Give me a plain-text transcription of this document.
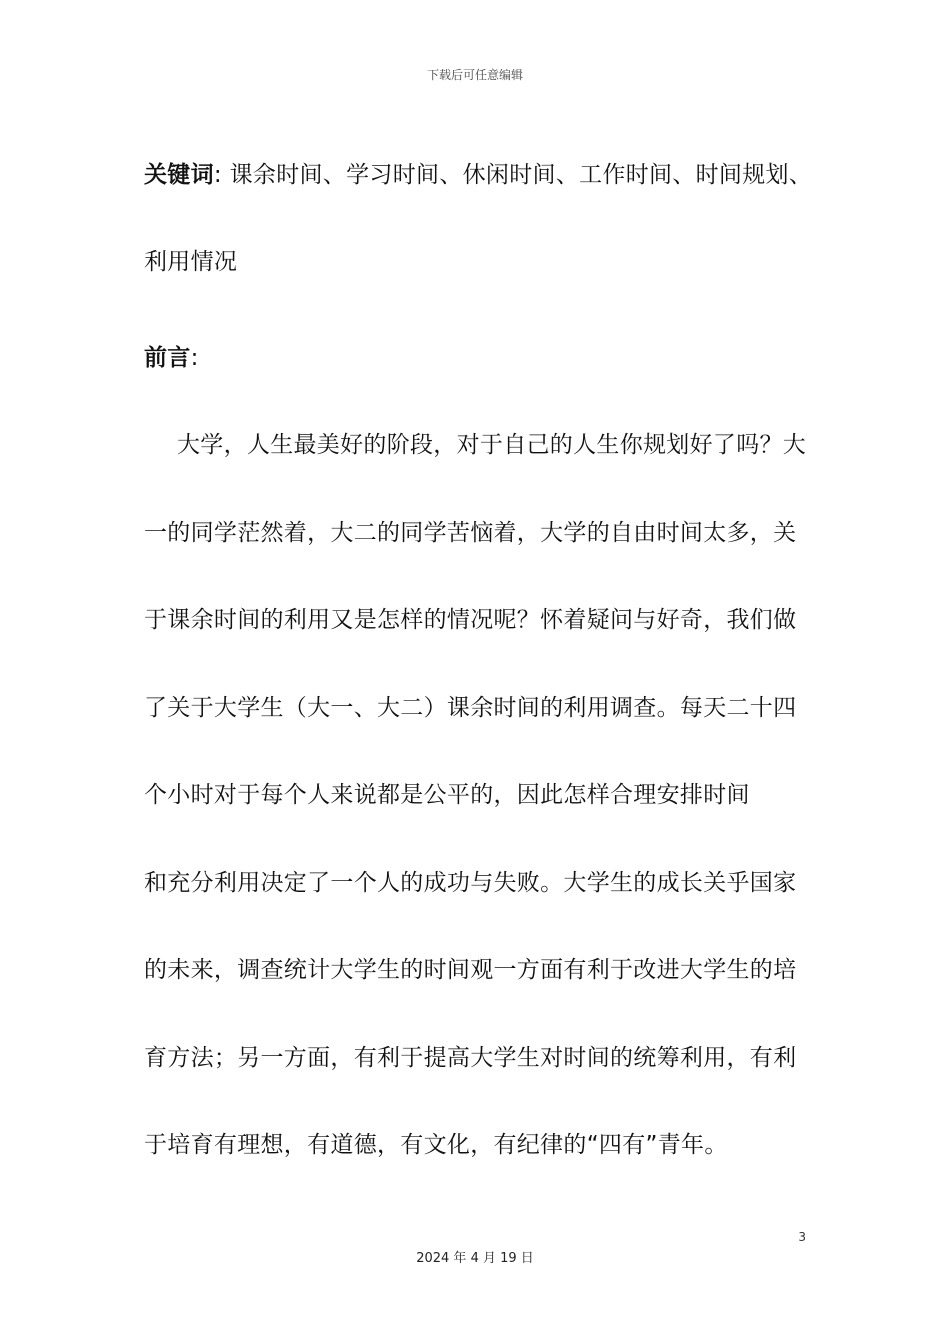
下载后可任意编辑
关键词: 课余时间、学习时间、休闲时间、工作时间、时间规划、
利用情况
前言:
大学，人生最美好的阶段，对于自己的人生你规划好了吗？大
一的同学茫然着，大二的同学苦恼着，大学的自由时间太多，关
于课余时间的利用又是怎样的情况呢？怀着疑问与好奇，我们做
了关于大学生（大一、大二）课余时间的利用调查。每天二十四
个小时对于每个人来说都是公平的，因此怎样合理安排时间
和充分利用决定了一个人的成功与失败。大学生的成长关乎国家
的未来，调查统计大学生的时间观一方面有利于改进大学生的培
育方法；另一方面，有利于提高大学生对时间的统筹利用，有利
于培育有理想，有道德，有文化，有纪律的“四有”青年。
3
2024 年 4 月 19 日
